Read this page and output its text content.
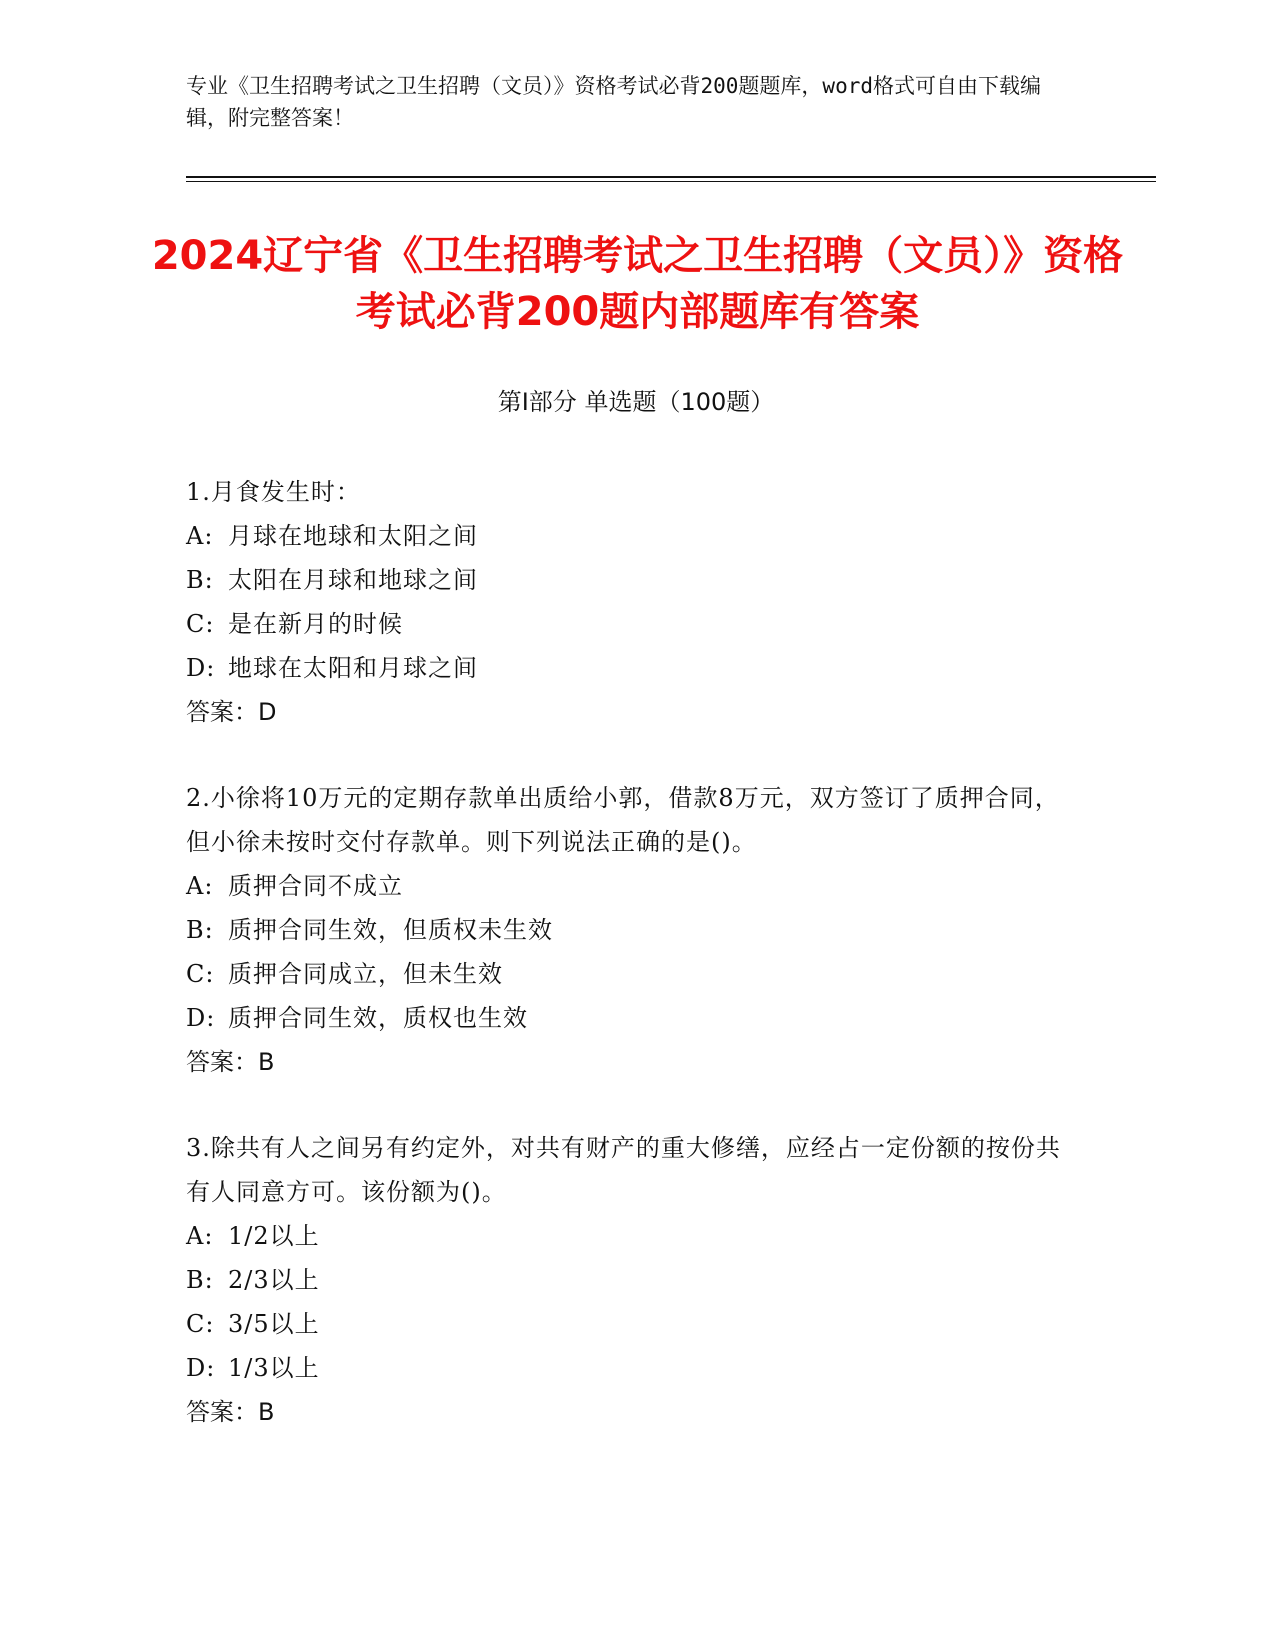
专业《卫生招聘考试之卫生招聘（文员）》资格考试必背200题题库，word格式可自由下载编辑，附完整答案！
2024辽宁省《卫生招聘考试之卫生招聘（文员）》资格考试必背200题内部题库有答案
第I部分 单选题（100题）
1.月食发生时：
A: 月球在地球和太阳之间
B: 太阳在月球和地球之间
C: 是在新月的时候
D: 地球在太阳和月球之间
答案：D
2.小徐将10万元的定期存款单出质给小郭，借款8万元，双方签订了质押合同，但小徐未按时交付存款单。则下列说法正确的是()。
A: 质押合同不成立
B: 质押合同生效，但质权未生效
C: 质押合同成立，但未生效
D: 质押合同生效，质权也生效
答案：B
3.除共有人之间另有约定外，对共有财产的重大修缮，应经占一定份额的按份共有人同意方可。该份额为()。
A: 1/2以上
B: 2/3以上
C: 3/5以上
D: 1/3以上
答案：B
